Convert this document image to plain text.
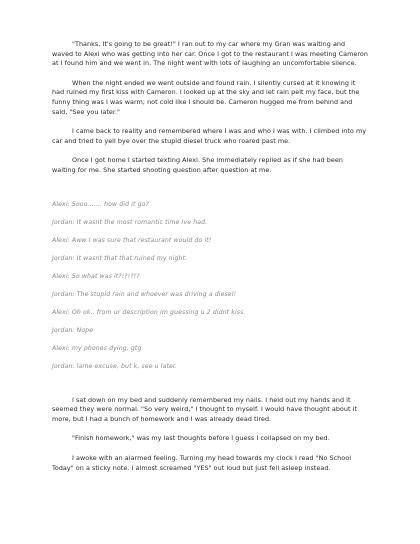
"Thanks, It's going to be great!" I ran out to my car where my Gran was waiting and waved to Alexi who was getting into her car. Once I got to the restaurant I was meeting Cameron at I found him and we went in. The night went with lots of laughing an uncomfortable silence.

When the night ended we went outside and found rain. I silently cursed at it knowing it had ruined my first kiss with Cameron. I looked up at the sky and let rain pelt my face, but the funny thing was I was warm; not cold like I should be. Cameron hugged me from behind and said, "See you later."

I came back to reality and remembered where I was and who I was with. I climbed into my car and tried to yell bye over the stupid diesel truck who roared past me.

Once I got home I started texting Alexi. She immediately replied as if she had been waiting for me. She started shooting question after question at me.

Alexi: Sooo....... how did it go?

Jordan: It wasnt the most romantic time Ive had.

Alexi: Aww I was sure that restaurant would do it!

Jordan: It wasnt that that ruined my night.

Alexi: So what was it?!?!?!?

Jordan: The stupid rain and whoever was driving a diesel!

Alexi: Oh ok.. from ur description im guessing u 2 didnt kiss.

Jordan: Nope

Alexi: my phones dying, gtg

Jordan: lame excuse, but k, see u later.

I sat down on my bed and suddenly remembered my nails. I held out my hands and it seemed they were normal. "So very weird," I thought to myself. I would have thought about it more, but I had a bunch of homework and I was already dead tired.

"Finish homework," was my last thoughts before I guess I collapsed on my bed.

I awoke with an alarmed feeling. Turning my head towards my clock I read "No School Today" on a sticky note. I almost screamed "YES" out loud but just fell asleep instead.
